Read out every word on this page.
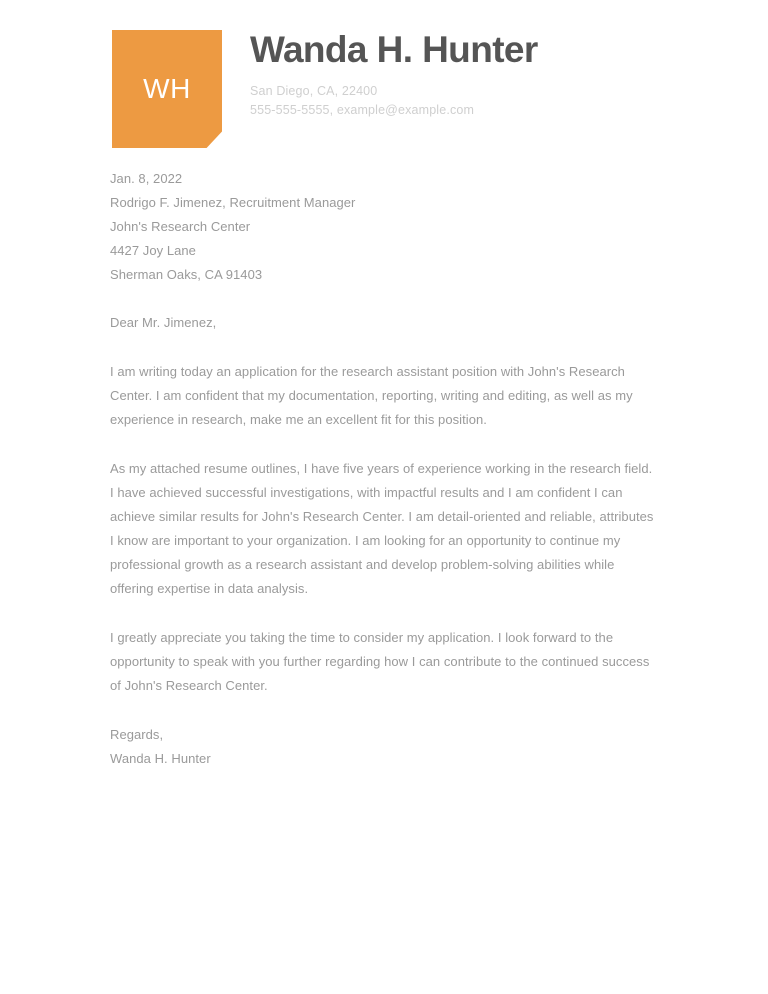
WH
Wanda H. Hunter
San Diego, CA, 22400
555-555-5555, example@example.com
Jan. 8, 2022
Rodrigo F. Jimenez, Recruitment Manager
John's Research Center
4427 Joy Lane
Sherman Oaks, CA 91403
Dear Mr. Jimenez,
I am writing today an application for the research assistant position with John's Research Center. I am confident that my documentation, reporting, writing and editing, as well as my experience in research, make me an excellent fit for this position.
As my attached resume outlines, I have five years of experience working in the research field. I have achieved successful investigations, with impactful results and I am confident I can achieve similar results for John's Research Center. I am detail-oriented and reliable, attributes I know are important to your organization. I am looking for an opportunity to continue my professional growth as a research assistant and develop problem-solving abilities while offering expertise in data analysis.
I greatly appreciate you taking the time to consider my application. I look forward to the opportunity to speak with you further regarding how I can contribute to the continued success of John's Research Center.
Regards,
Wanda H. Hunter
